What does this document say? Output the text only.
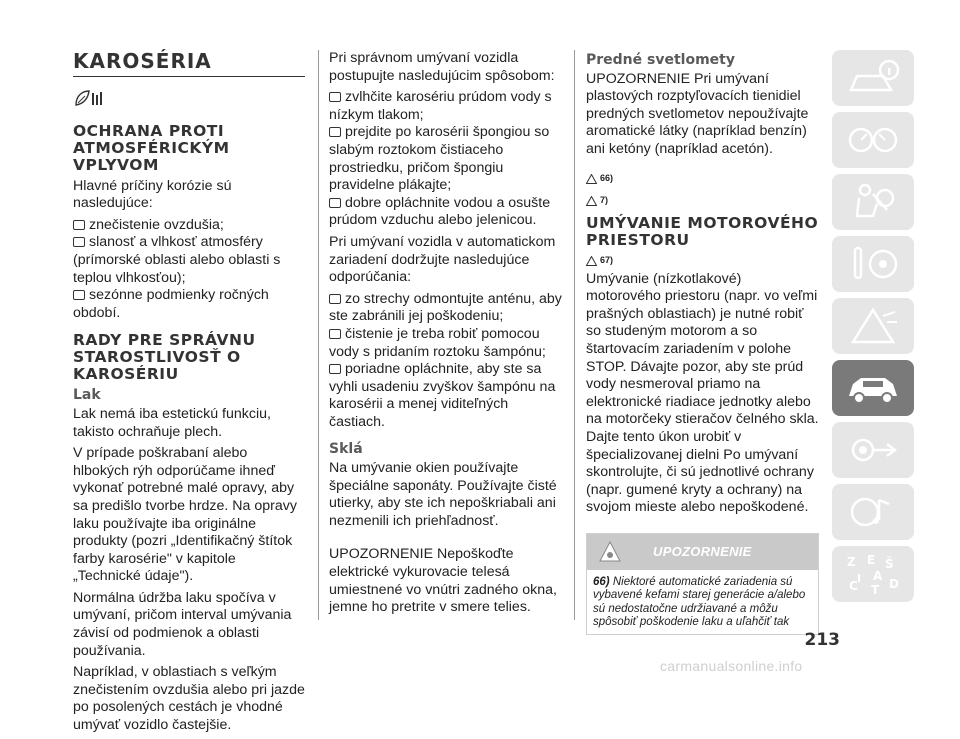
KAROSÉRIA
OCHRANA PROTI ATMOSFÉRICKÝM VPLYVOM

Hlavné príčiny korózie sú nasledujúce:

znečistenie ovzdušia;
slanosť a vlhkosť atmosféry (prímorské oblasti alebo oblasti s teplou vlhkosťou);
sezónne podmienky ročných období.
RADY PRE SPRÁVNU STAROSTLIVOSŤ O KAROSÉRIU
Lak

Lak nemá iba estetickú funkciu, takisto ochraňuje plech.

V prípade poškrabaní alebo hlbokých rýh odporúčame ihneď vykonať potrebné malé opravy, aby sa predišlo tvorbe hrdze. Na opravy laku používajte iba originálne produkty (pozri „Identifikačný štítok farby karosérie" v kapitole „Technické údaje").

Normálna údržba laku spočíva v umývaní, pričom interval umývania závisí od podmienok a oblasti používania.

Napríklad, v oblastiach s veľkým znečistením ovzdušia alebo pri jazde po posolených cestách je vhodné umývať vozidlo častejšie.

Pri správnom umývaní vozidla postupujte nasledujúcim spôsobom:

zvlhčite karosériu prúdom vody s nízkym tlakom;
prejdite po karosérii špongiou so slabým roztokom čistiaceho prostriedku, pričom špongiu pravidelne plákajte;
dobre opláchnite vodou a osušte prúdom vzduchu alebo jelenicou.

Pri umývaní vozidla v automatickom zariadení dodržujte nasledujúce odporúčania:

zo strechy odmontujte anténu, aby ste zabránili jej poškodeniu;
čistenie je treba robiť pomocou vody s pridaním roztoku šampónu;
poriadne opláchnite, aby ste sa vyhli usadeniu zvyškov šampónu na karosérii a menej viditeľných častiach.
Sklá

Na umývanie okien používajte špeciálne saponáty. Používajte čisté utierky, aby ste ich nepoškriabali ani nezmenili ich priehľadnosť.

UPOZORNENIE Nepoškoďte elektrické vykurovacie telesá umiestnené vo vnútri zadného okna, jemne ho pretrite v smere telies.

Predné svetlomety

UPOZORNENIE Pri umývaní plastových rozptyľovacích tienidiel predných svetlometov nepoužívajte aromatické látky (napríklad benzín) ani ketóny (napríklad acetón).

66)
7)
UMÝVANIE MOTOROVÉHO PRIESTORU
67)

Umývanie (nízkotlakové) motorového priestoru (napr. vo veľmi prašných oblastiach) je nutné robiť so studeným motorom a so štartovacím zariadením v polohe STOP. Dávajte pozor, aby ste prúd vody nesmeroval priamo na elektronické riadiace jednotky alebo na motorčeky stieračov čelného skla. Dajte tento úkon urobiť v špecializovanej dielni Po umývaní skontrolujte, či sú jednotlivé ochrany (napr. gumené kryty a ochrany) na svojom mieste alebo nepoškodené.

UPOZORNENIE
66) Niektoré automatické zariadenia sú vybavené kefami starej generácie a/alebo sú nedostatočne udržiavané a môžu spôsobiť poškodenie laku a uľahčiť tak
Z E Š
A
C T
I D
213
carmanualsonline.info
